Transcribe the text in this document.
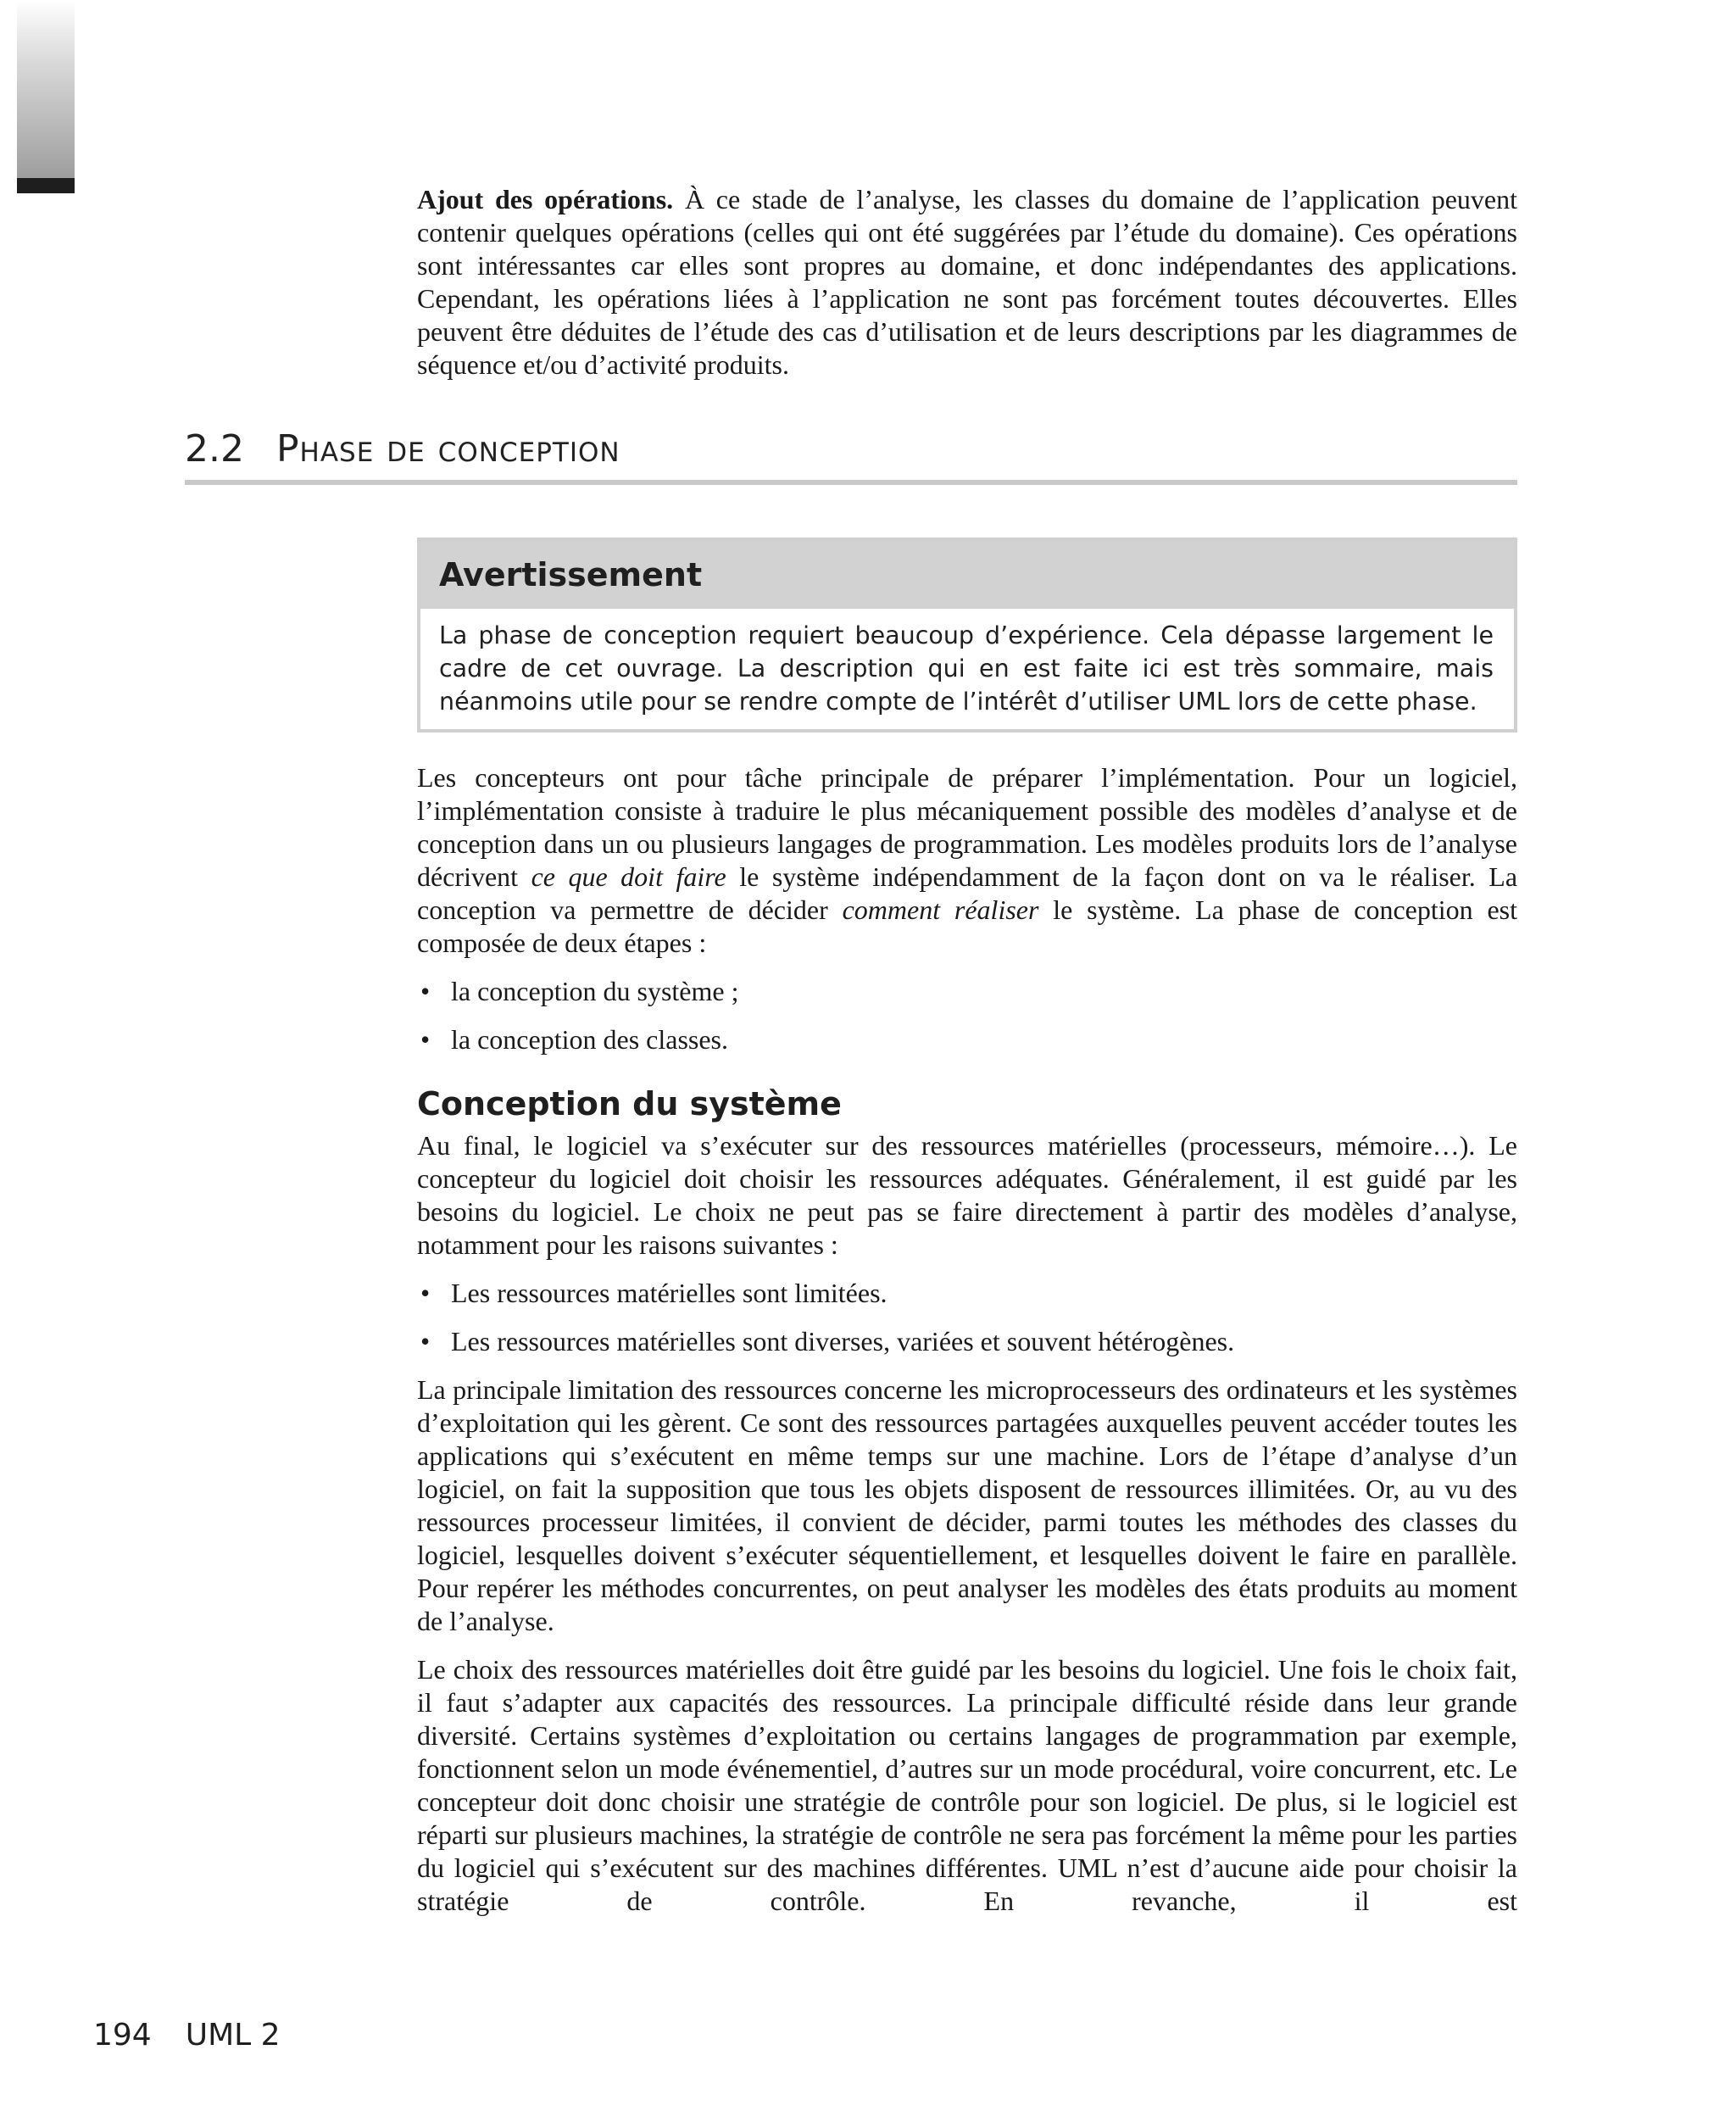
Ajout des opérations. À ce stade de l’analyse, les classes du domaine de l’application peuvent contenir quelques opérations (celles qui ont été suggérées par l’étude du domaine). Ces opérations sont intéressantes car elles sont propres au domaine, et donc indépendantes des applications. Cependant, les opérations liées à l’application ne sont pas forcément toutes découvertes. Elles peuvent être déduites de l’étude des cas d’utilisation et de leurs descriptions par les diagrammes de séquence et/ou d’activité produits.

2.2 Phase de conception
Avertissement
La phase de conception requiert beaucoup d’expérience. Cela dépasse largement le cadre de cet ouvrage. La description qui en est faite ici est très sommaire, mais néanmoins utile pour se rendre compte de l’intérêt d’utiliser UML lors de cette phase.

Les concepteurs ont pour tâche principale de préparer l’implémentation. Pour un logiciel, l’implémentation consiste à traduire le plus mécaniquement possible des modèles d’analyse et de conception dans un ou plusieurs langages de programmation. Les modèles produits lors de l’analyse décrivent ce que doit faire le système indépendamment de la façon dont on va le réaliser. La conception va permettre de décider comment réaliser le système. La phase de conception est composée de deux étapes :

• la conception du système ;
• la conception des classes.
Conception du système

Au final, le logiciel va s’exécuter sur des ressources matérielles (processeurs, mémoire…). Le concepteur du logiciel doit choisir les ressources adéquates. Généralement, il est guidé par les besoins du logiciel. Le choix ne peut pas se faire directement à partir des modèles d’analyse, notamment pour les raisons suivantes :

• Les ressources matérielles sont limitées.
• Les ressources matérielles sont diverses, variées et souvent hétérogènes.

La principale limitation des ressources concerne les microprocesseurs des ordinateurs et les systèmes d’exploitation qui les gèrent. Ce sont des ressources partagées auxquelles peuvent accéder toutes les applications qui s’exécutent en même temps sur une machine. Lors de l’étape d’analyse d’un logiciel, on fait la supposition que tous les objets disposent de ressources illimitées. Or, au vu des ressources processeur limitées, il convient de décider, parmi toutes les méthodes des classes du logiciel, lesquelles doivent s’exécuter séquentiellement, et lesquelles doivent le faire en parallèle. Pour repérer les méthodes concurrentes, on peut analyser les modèles des états produits au moment de l’analyse.

Le choix des ressources matérielles doit être guidé par les besoins du logiciel. Une fois le choix fait, il faut s’adapter aux capacités des ressources. La principale difficulté réside dans leur grande diversité. Certains systèmes d’exploitation ou certains langages de programmation par exemple, fonctionnent selon un mode événementiel, d’autres sur un mode procédural, voire concurrent, etc. Le concepteur doit donc choisir une stratégie de contrôle pour son logiciel. De plus, si le logiciel est réparti sur plusieurs machines, la stratégie de contrôle ne sera pas forcément la même pour les parties du logiciel qui s’exécutent sur des machines différentes. UML n’est d’aucune aide pour choisir la stratégie de contrôle. En revanche, il est

194 UML 2
